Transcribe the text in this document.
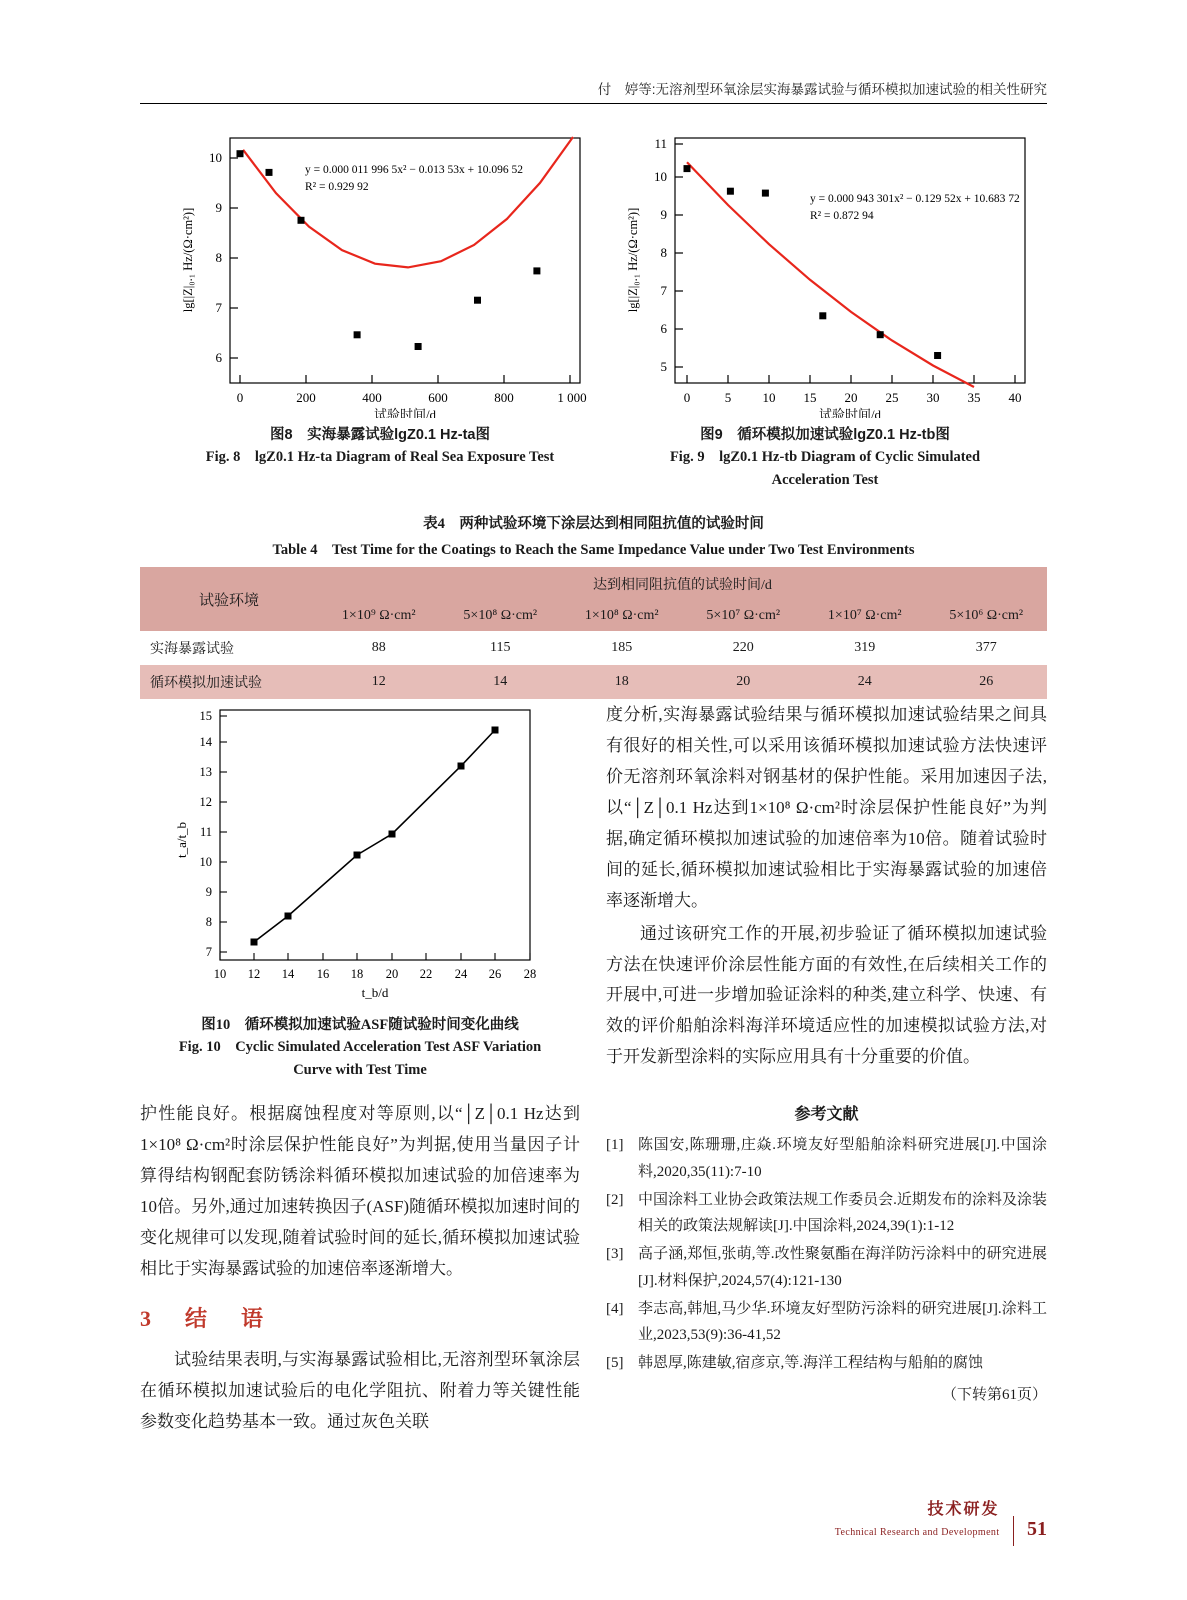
付　婷等:无溶剂型环氧涂层实海暴露试验与循环模拟加速试验的相关性研究
6
7
8
9
10
0	200	400	600	800	1 000
y = 0.000 011 996 5x² − 0.013 53x + 10.096 52
R² = 0.929 92
试验时间/d
lg[|Z|₀.₁ Hz/(Ω·cm²)]
5
6
7
8
9
10
11
0	5 10 15 20 25 30 35 40
y = 0.000 943 301x² − 0.129 52x + 10.683 72
R² = 0.872 94
试验时间/d
lg[|Z|₀.₁ Hz/(Ω·cm²)]
图8　实海暴露试验lgZ0.1 Hz-ta图
Fig. 8　lgZ0.1 Hz-ta Diagram of Real Sea Exposure Test
图9　循环模拟加速试验lgZ0.1 Hz-tb图
Fig. 9　lgZ0.1 Hz-tb Diagram of Cyclic Simulated
Acceleration Test
表4　两种试验环境下涂层达到相同阻抗值的试验时间
Table 4　Test Time for the Coatings to Reach the Same Impedance Value under Two Test Environments
试验环境	达到相同阻抗值的试验时间/d					
	1×10⁹ Ω·cm²	5×10⁸ Ω·cm²	1×10⁸ Ω·cm²	5×10⁷ Ω·cm²	1×10⁷ Ω·cm²	5×10⁶ Ω·cm²
实海暴露试验	88	115	185	220	319	377
循环模拟加速试验	12	14	18	20	24	26
7
8
9
10
11
12
13
14
15
10 12 14 16 18 20 22 24 26 28
t_b/d
t_a/t_b
图10　循环模拟加速试验ASF随试验时间变化曲线
Fig. 10　Cyclic Simulated Acceleration Test ASF Variation
Curve with Test Time

护性能良好。根据腐蚀程度对等原则,以“│Z│0.1 Hz达到1×10⁸ Ω·cm²时涂层保护性能良好”为判据,使用当量因子计算得结构钢配套防锈涂料循环模拟加速试验的加倍速率为10倍。另外,通过加速转换因子(ASF)随循环模拟加速时间的变化规律可以发现,随着试验时间的延长,循环模拟加速试验相比于实海暴露试验的加速倍率逐渐增大。

3　结　语

试验结果表明,与实海暴露试验相比,无溶剂型环氧涂层在循环模拟加速试验后的电化学阻抗、附着力等关键性能参数变化趋势基本一致。通过灰色关联

度分析,实海暴露试验结果与循环模拟加速试验结果之间具有很好的相关性,可以采用该循环模拟加速试验方法快速评价无溶剂环氧涂料对钢基材的保护性能。采用加速因子法,以“│Z│0.1 Hz达到1×10⁸ Ω·cm²时涂层保护性能良好”为判据,确定循环模拟加速试验的加速倍率为10倍。随着试验时间的延长,循环模拟加速试验相比于实海暴露试验的加速倍率逐渐增大。

通过该研究工作的开展,初步验证了循环模拟加速试验方法在快速评价涂层性能方面的有效性,在后续相关工作的开展中,可进一步增加验证涂料的种类,建立科学、快速、有效的评价船舶涂料海洋环境适应性的加速模拟试验方法,对于开发新型涂料的实际应用具有十分重要的价值。

参考文献
[1] 陈国安,陈珊珊,庄焱.环境友好型船舶涂料研究进展[J].中国涂料,2020,35(11):7-10
[2] 中国涂料工业协会政策法规工作委员会.近期发布的涂料及涂装相关的政策法规解读[J].中国涂料,2024,39(1):1-12
[3] 高子涵,郑恒,张萌,等.改性聚氨酯在海洋防污涂料中的研究进展[J].材料保护,2024,57(4):121-130
[4] 李志高,韩旭,马少华.环境友好型防污涂料的研究进展[J].涂料工业,2023,53(9):36-41,52
[5] 韩恩厚,陈建敏,宿彦京,等.海洋工程结构与船舶的腐蚀
（下转第61页）
技术研发
Technical Research and Development 51
